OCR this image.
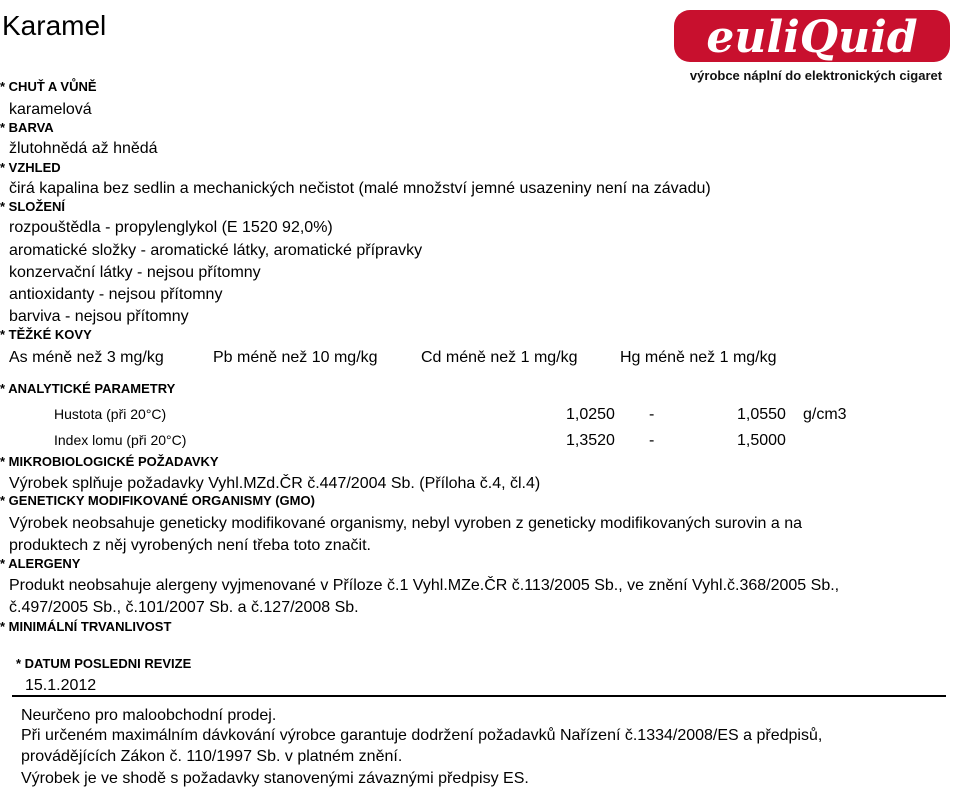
Karamel	euliQuid
výrobce náplní do elektronických cigaret
* CHUŤ A VŮNĚ
karamelová
* BARVA
žlutohnědá až hnědá
* VZHLED
čirá kapalina bez sedlin a mechanických nečistot (malé množství jemné usazeniny není na závadu)
* SLOŽENÍ
rozpouštědla - propylenglykol (E 1520 92,0%)
aromatické složky - aromatické látky, aromatické přípravky
konzervační látky - nejsou přítomny
antioxidanty - nejsou přítomny
barviva - nejsou přítomny
* TĚŽKÉ KOVY
As méně než 3 mg/kg	Pb méně než 10 mg/kg	Cd méně než 1 mg/kg	Hg méně než 1 mg/kg
* ANALYTICKÉ PARAMETRY
Hustota (při 20°C)	1,0250 -	1,0550 g/cm3
Index lomu (při 20°C)	1,3520 -	1,5000
* MIKROBIOLOGICKÉ POŽADAVKY
Výrobek splňuje požadavky Vyhl.MZd.ČR č.447/2004 Sb. (Příloha č.4, čl.4)
* GENETICKY MODIFIKOVANÉ ORGANISMY (GMO)
Výrobek neobsahuje geneticky modifikované organismy, nebyl vyroben z geneticky modifikovaných surovin a na
produktech z něj vyrobených není třeba toto značit.
* ALERGENY
Produkt neobsahuje alergeny vyjmenované v Příloze č.1 Vyhl.MZe.ČR č.113/2005 Sb., ve znění Vyhl.č.368/2005 Sb.,
č.497/2005 Sb., č.101/2007 Sb. a č.127/2008 Sb.
* MINIMÁLNÍ TRVANLIVOST
* DATUM POSLEDNI REVIZE
15.1.2012
Neurčeno pro maloobchodní prodej.
Při určeném maximálním dávkování výrobce garantuje dodržení požadavků Nařízení č.1334/2008/ES a předpisů,
provádějících Zákon č. 110/1997 Sb. v platném znění.
Výrobek je ve shodě s požadavky stanovenými závaznými předpisy ES.
